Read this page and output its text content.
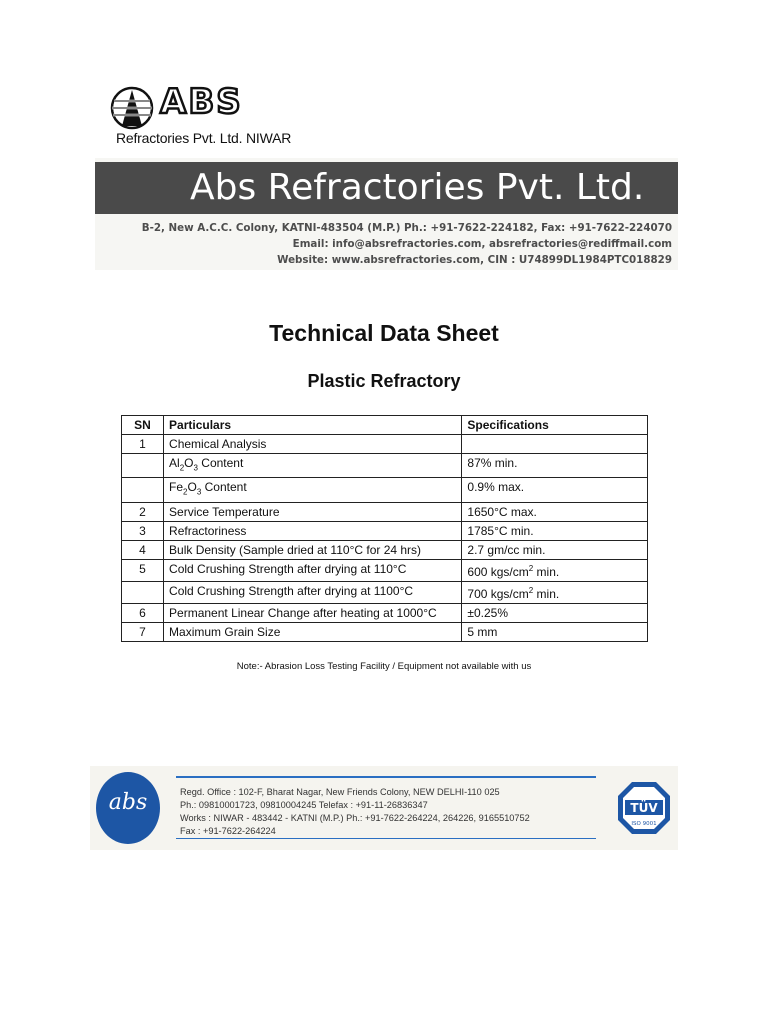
ABS
Refractories Pvt. Ltd. NIWAR
Abs Refractories Pvt. Ltd.
B-2, New A.C.C. Colony, KATNI-483504 (M.P.) Ph.: +91-7622-224182, Fax: +91-7622-224070
Email: info@absrefractories.com, absrefractories@rediffmail.com
Website: www.absrefractories.com, CIN : U74899DL1984PTC018829
Technical Data Sheet
Plastic Refractory
SN	Particulars	Specifications
1	Chemical Analysis	
	$Al_2O_3$ Content	87% min.
	$Fe_2O_3$ Content	0.9% max.
2	Service Temperature	1650°C max.
3	Refractoriness	1785°C min.
4	Bulk Density (Sample dried at 110°C for 24 hrs)	2.7 gm/cc min.
5	Cold Crushing Strength after drying at 110°C	600 kgs/$cm^2$ min.
	Cold Crushing Strength after drying at 1100°C	700 kgs/$cm^2$ min.
6	Permanent Linear Change after heating at 1000°C	±0.25%
7	Maximum Grain Size	5 mm
Note:- Abrasion Loss Testing Facility / Equipment not available with us
abs	Regd. Office : 102-F, Bharat Nagar, New Friends Colony, NEW DELHI-110 025
Ph.: 09810001723, 09810004245 Telefax : +91-11-26836347
Works : NIWAR - 483442 - KATNI (M.P.) Ph.: +91-7622-264224, 264226, 9165510752
Fax : +91-7622-264224
TÜV
ISO 9001
